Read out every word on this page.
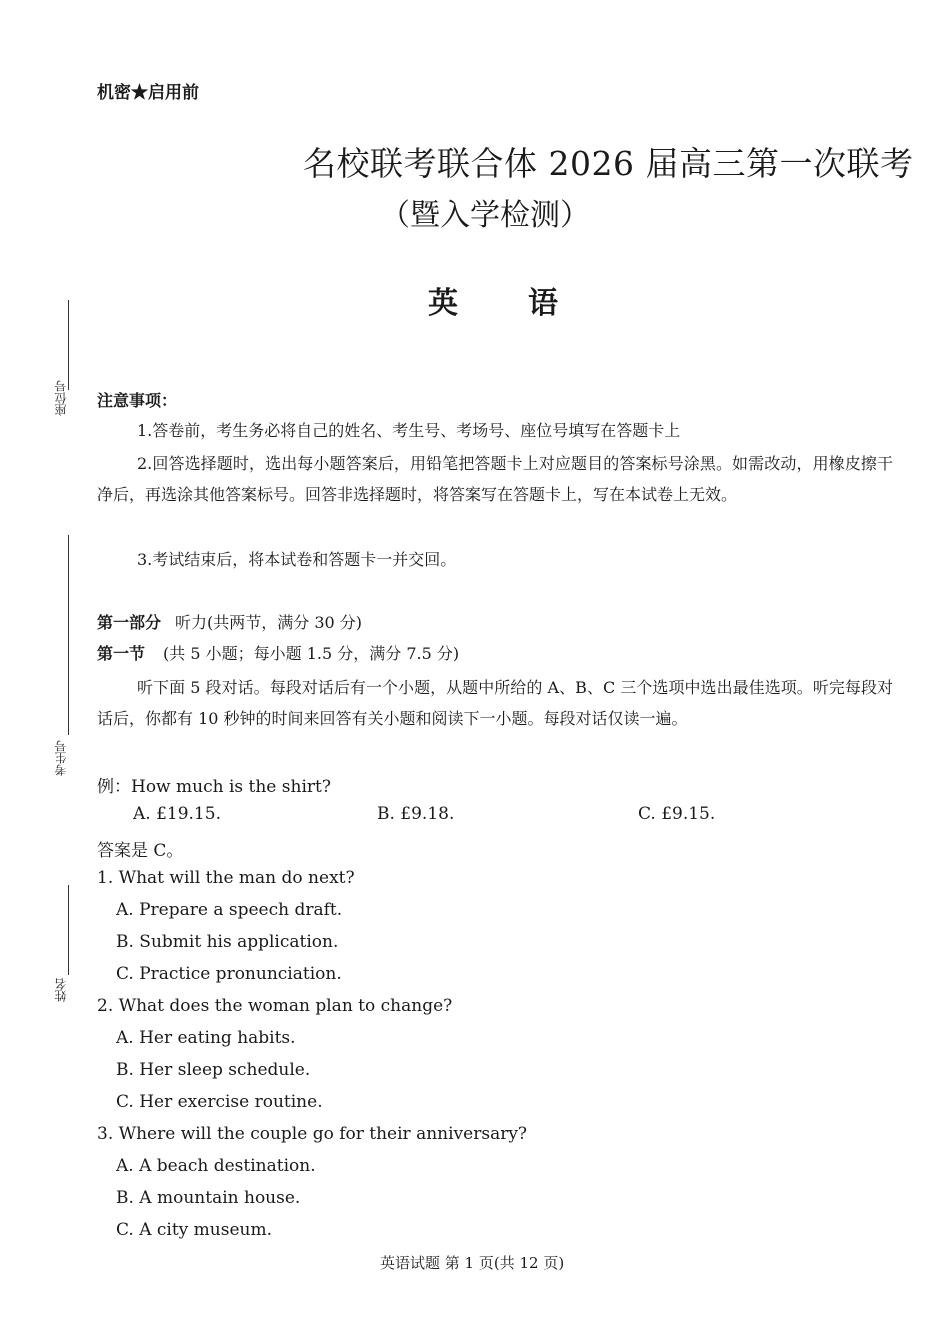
座位号
考生号
姓名
机密★启用前
名校联考联合体 2026 届高三第一次联考
（暨入学检测）
英语
注意事项：
1.答卷前，考生务必将自己的姓名、考生号、考场号、座位号填写在答题卡上
2.回答选择题时，选出每小题答案后，用铅笔把答题卡上对应题目的答案标号涂黑。如需改动，用橡皮擦干净后，再选涂其他答案标号。回答非选择题时，将答案写在答题卡上，写在本试卷上无效。
3.考试结束后，将本试卷和答题卡一并交回。
第一部分 听力(共两节，满分 30 分)
第一节 (共 5 小题；每小题 1.5 分，满分 7.5 分)
听下面 5 段对话。每段对话后有一个小题，从题中所给的 A、B、C 三个选项中选出最佳选项。听完每段对话后，你都有 10 秒钟的时间来回答有关小题和阅读下一小题。每段对话仅读一遍。
例：How much is the shirt?
A. £19.15.	B. £9.18.	C. £9.15.
答案是 C。
1. What will the man do next?
A. Prepare a speech draft.
B. Submit his application.
C. Practice pronunciation.
2. What does the woman plan to change?
A. Her eating habits.
B. Her sleep schedule.
C. Her exercise routine.
3. Where will the couple go for their anniversary?
A. A beach destination.
B. A mountain house.
C. A city museum.
英语试题 第 1 页(共 12 页)
